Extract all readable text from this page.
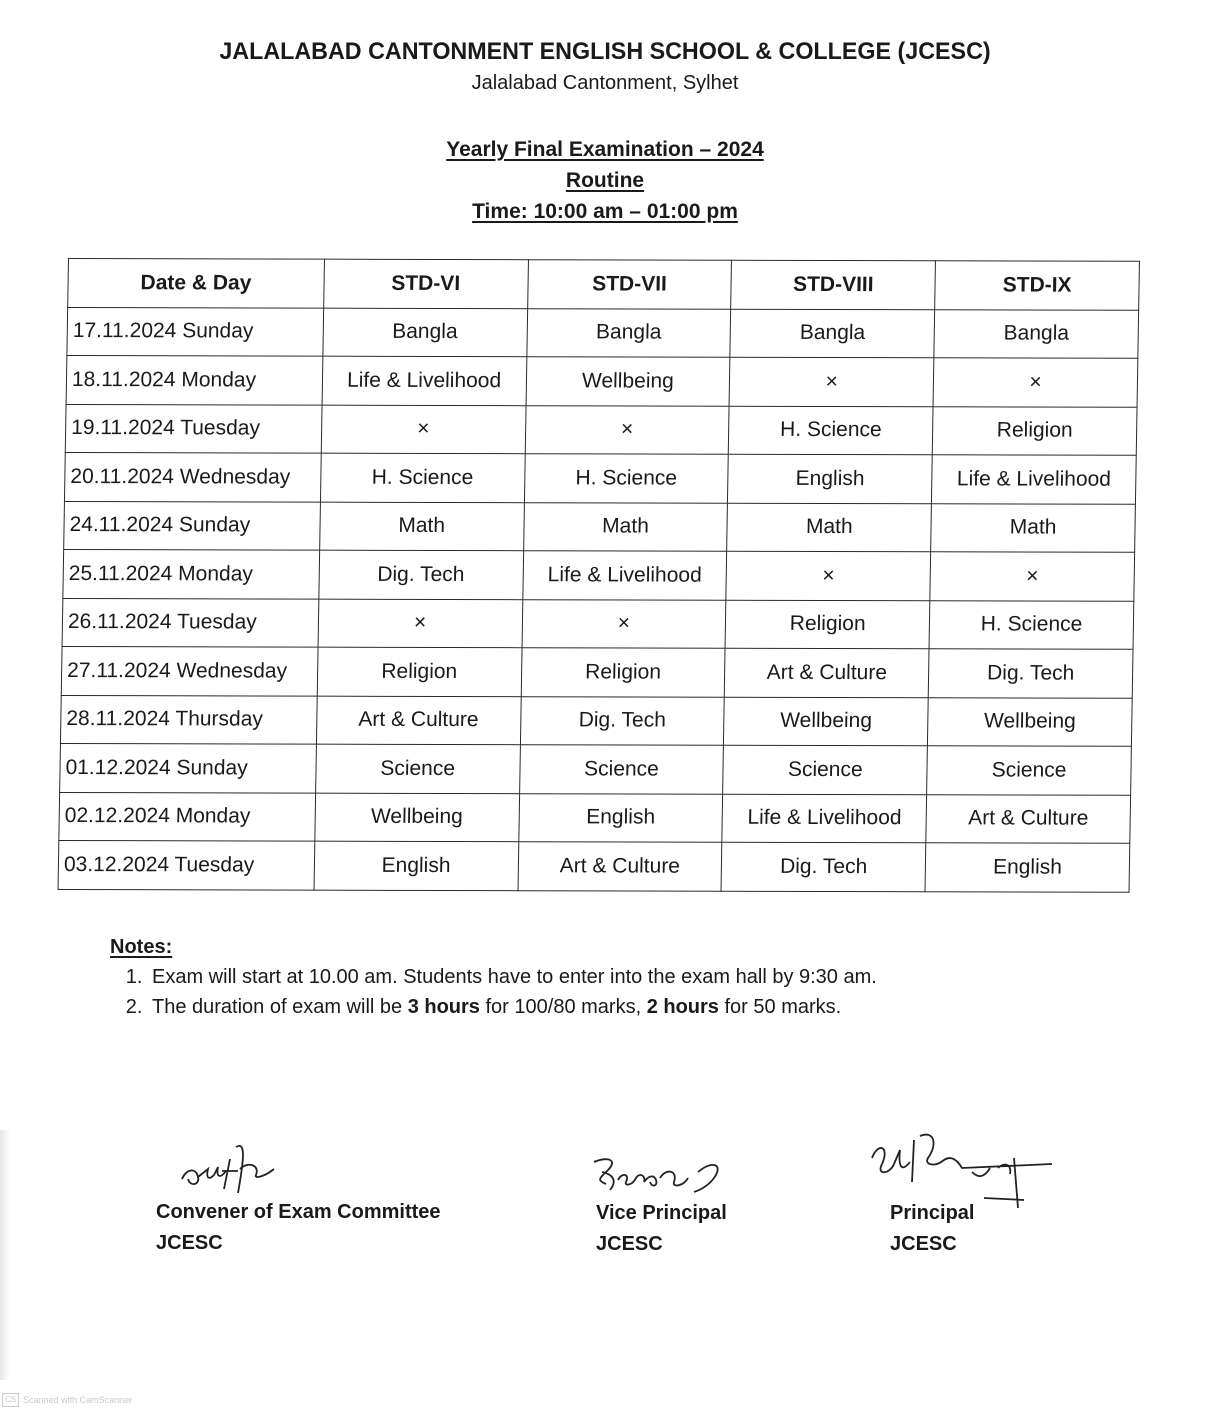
JALALABAD CANTONMENT ENGLISH SCHOOL & COLLEGE (JCESC)
Jalalabad Cantonment, Sylhet
Yearly Final Examination – 2024
Routine
Time: 10:00 am – 01:00 pm
Date & Day	STD-VI	STD-VII	STD-VIII	STD-IX
17.11.2024 Sunday	Bangla	Bangla	Bangla	Bangla
18.11.2024 Monday	Life & Livelihood	Wellbeing	×	×
19.11.2024 Tuesday	×	×	H. Science	Religion
20.11.2024 Wednesday	H. Science	H. Science	English	Life & Livelihood
24.11.2024 Sunday	Math	Math	Math	Math
25.11.2024 Monday	Dig. Tech	Life & Livelihood	×	×
26.11.2024 Tuesday	×	×	Religion	H. Science
27.11.2024 Wednesday	Religion	Religion	Art & Culture	Dig. Tech
28.11.2024 Thursday	Art & Culture	Dig. Tech	Wellbeing	Wellbeing
01.12.2024 Sunday	Science	Science	Science	Science
02.12.2024 Monday	Wellbeing	English	Life & Livelihood	Art & Culture
03.12.2024 Tuesday	English	Art & Culture	Dig. Tech	English
Notes:
1. Exam will start at 10.00 am. Students have to enter into the exam hall by 9:30 am.
2. The duration of exam will be 3 hours for 100/80 marks, 2 hours for 50 marks.
Convener of Exam Committee
JCESC
Vice Principal
JCESC
Principal
JCESC
CS Scanned with CamScanner
